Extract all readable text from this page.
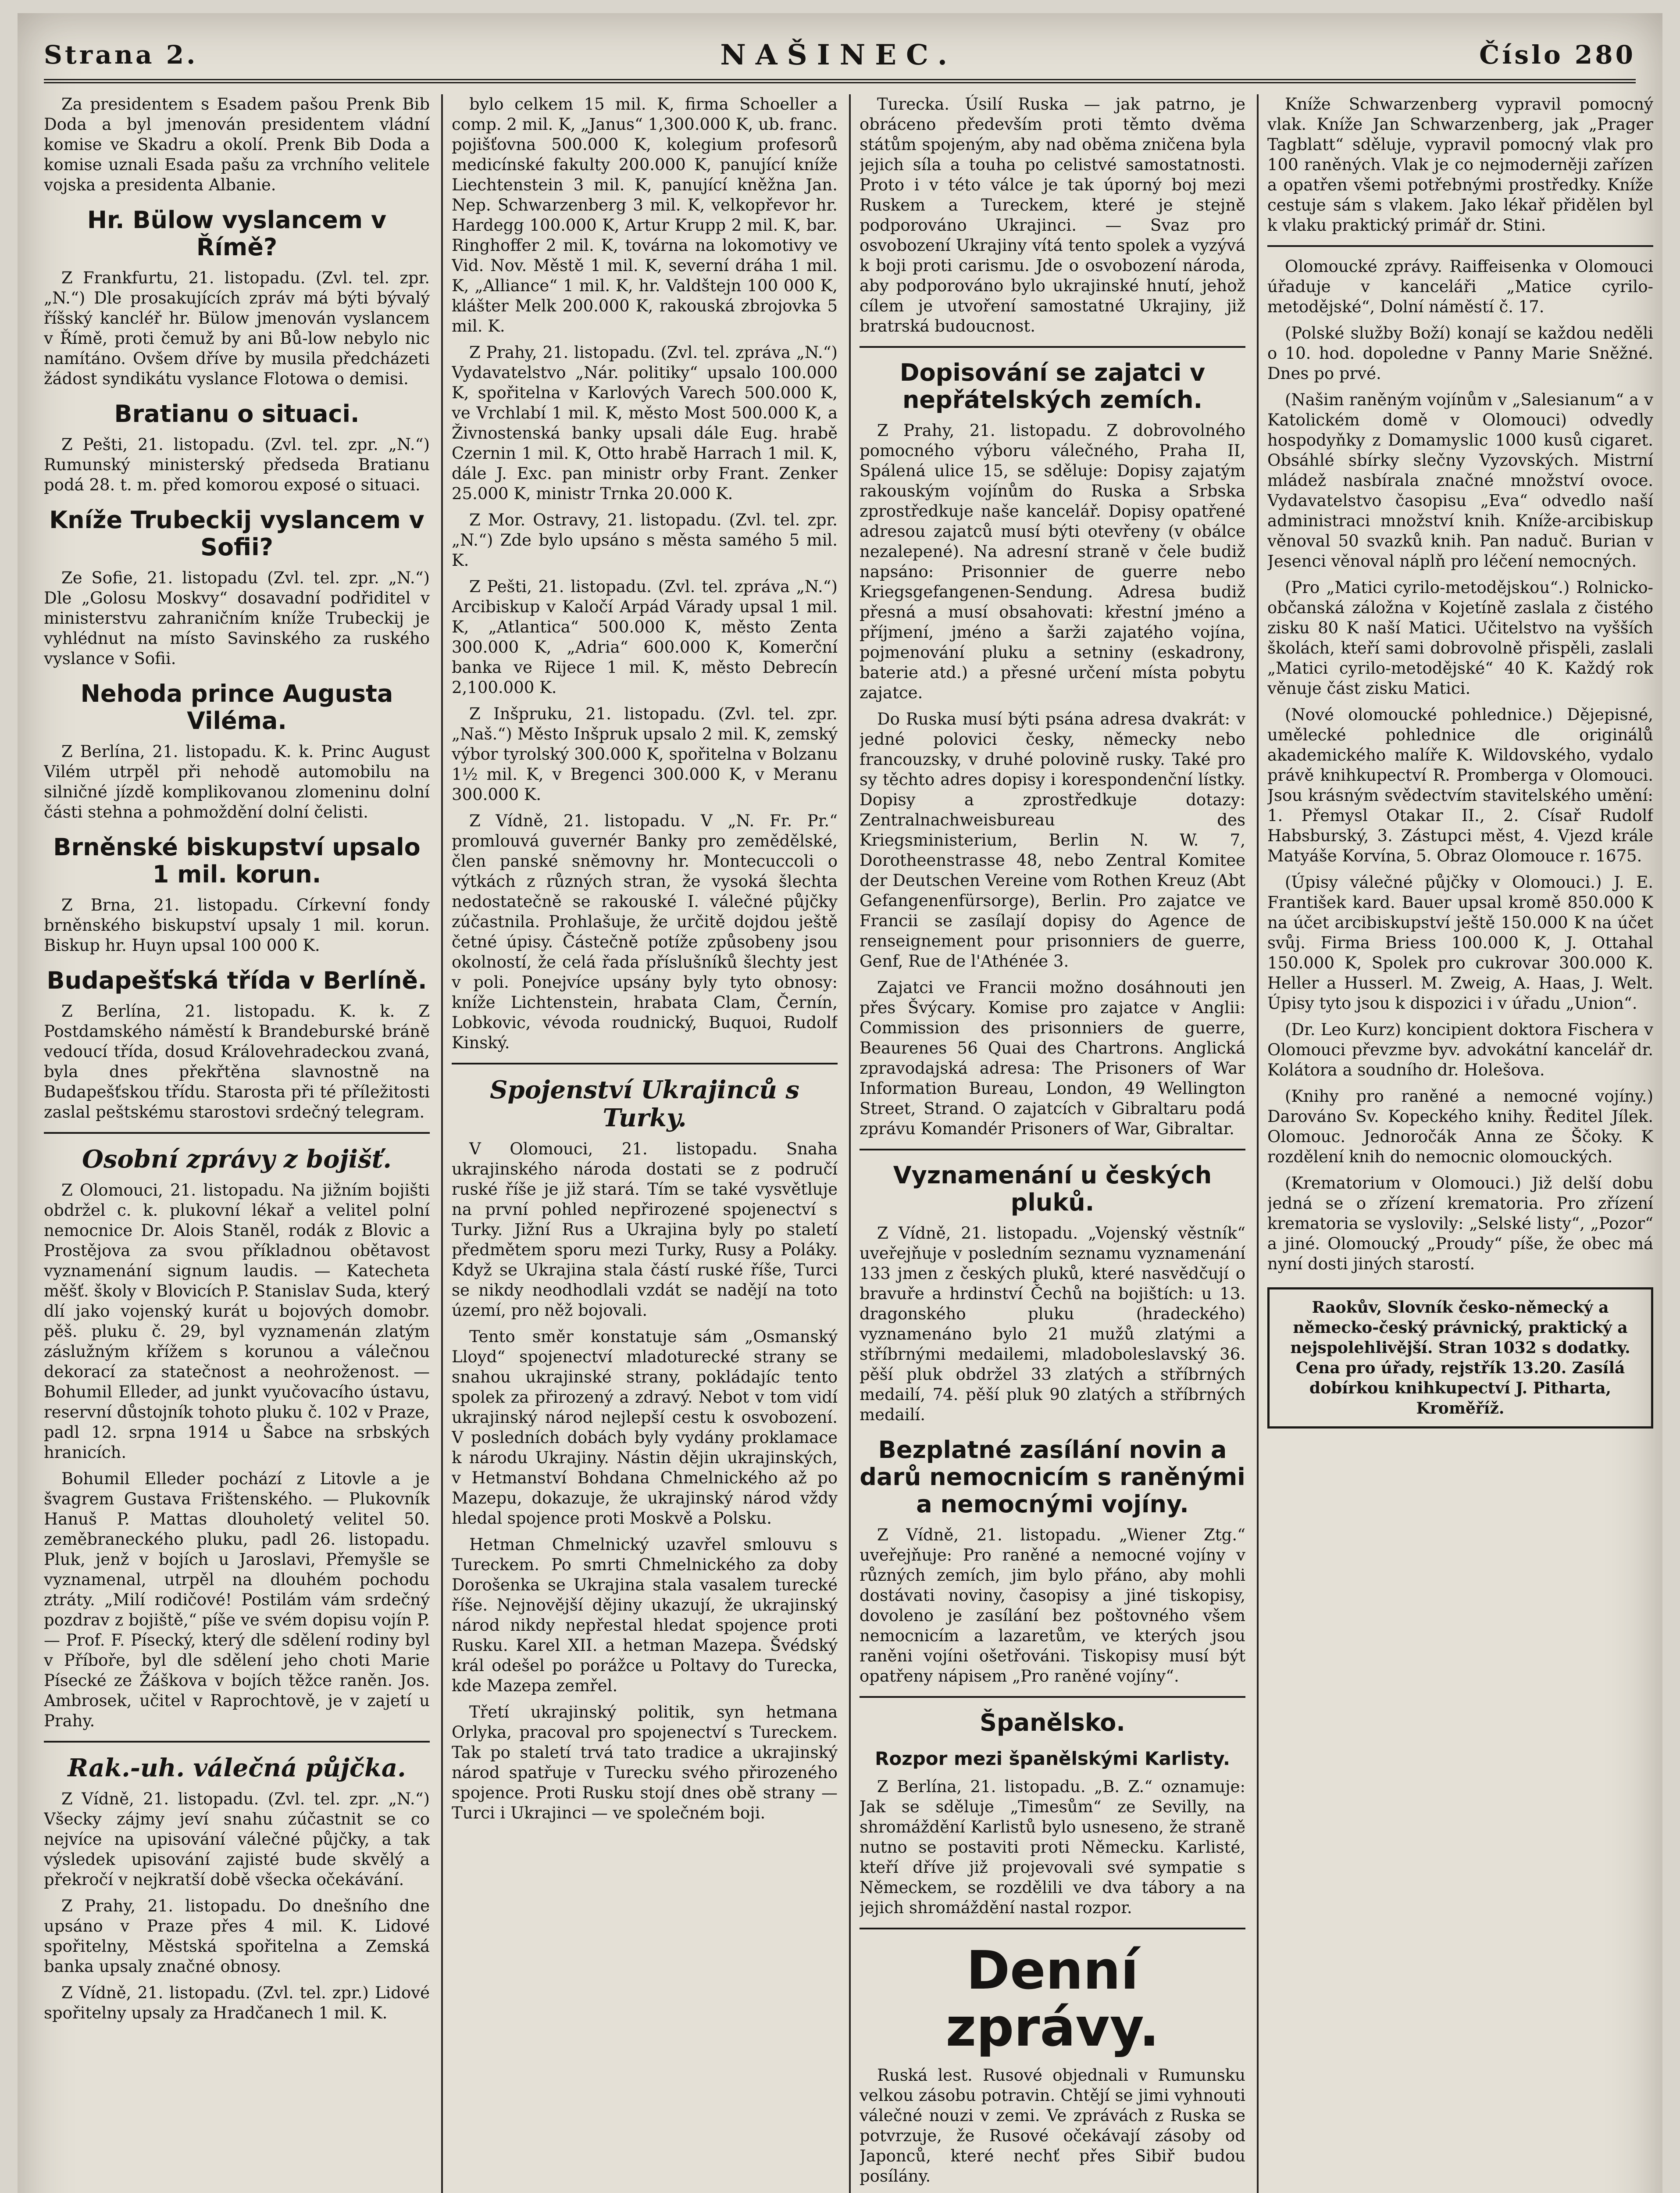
Strana 2.	NAŠINEC.	Číslo 280

Za presidentem s Esadem pašou Prenk Bib Doda a byl jmenován presidentem vládní komise ve Skadru a okolí. Prenk Bib Doda a komise uznali Esada pašu za vrchního velitele vojska a presidenta Albanie.

Hr. Bülow vyslancem v Římě?

Z Frankfurtu, 21. listopadu. (Zvl. tel. zpr. „N.“) Dle prosakujících zpráv má býti bývalý říšský kancléř hr. Bülow jmenován vyslancem v Římě, proti čemuž by ani Bů-low nebylo nic namítáno. Ovšem dříve by musila předcházeti žádost syndikátu vyslance Flotowa o demisi.

Bratianu o situaci.

Z Pešti, 21. listopadu. (Zvl. tel. zpr. „N.“) Rumunský ministerský předseda Bratianu podá 28. t. m. před komorou exposé o situaci.

Kníže Trubeckij vyslancem v Sofii?

Ze Sofie, 21. listopadu (Zvl. tel. zpr. „N.“) Dle „Golosu Moskvy“ dosavadní podřiditel v ministerstvu zahraničním kníže Trubeckij je vyhlédnut na místo Savinského za ruského vyslance v Sofii.

Nehoda prince Augusta Viléma.

Z Berlína, 21. listopadu. K. k. Princ August Vilém utrpěl při nehodě automobilu na silničné jízdě komplikovanou zlomeninu dolní části stehna a pohmoždění dolní čelisti.

Brněnské biskupství upsalo 1 mil. korun.

Z Brna, 21. listopadu. Církevní fondy brněnského biskupství upsaly 1 mil. korun. Biskup hr. Huyn upsal 100 000 K.

Budapešťská třída v Berlíně.

Z Berlína, 21. listopadu. K. k. Z Postdamského náměstí k Brandeburské bráně vedoucí třída, dosud Královehradeckou zvaná, byla dnes překřtěna slavnostně na Budapešťskou třídu. Starosta při té příležitosti zaslal peštskému starostovi srdečný telegram.

Osobní zprávy z bojišť.

Z Olomouci, 21. listopadu. Na jižním bojišti obdržel c. k. plukovní lékař a velitel polní nemocnice Dr. Alois Staněl, rodák z Blovic a Prostějova za svou příkladnou obětavost vyznamenání signum laudis. — Katecheta měšť. školy v Blovicích P. Stanislav Suda, který dlí jako vojenský kurát u bojových domobr. pěš. pluku č. 29, byl vyznamenán zlatým záslužným křížem s korunou a válečnou dekorací za statečnost a neohroženost. — Bohumil Elleder, ad junkt vyučovacího ústavu, reservní důstojník tohoto pluku č. 102 v Praze, padl 12. srpna 1914 u Šabce na srbských hranicích.

Bohumil Elleder pochází z Litovle a je švagrem Gustava Frištenského. — Plukovník Hanuš P. Mattas dlouholetý velitel 50. zeměbraneckého pluku, padl 26. listopadu. Pluk, jenž v bojích u Jaroslavi, Přemyšle se vyznamenal, utrpěl na dlouhém pochodu ztráty. „Milí rodičové! Postilám vám srdečný pozdrav z bojiště,“ píše ve svém dopisu vojín P. — Prof. F. Písecký, který dle sdělení rodiny byl v Příboře, byl dle sdělení jeho choti Marie Písecké ze Žáškova v bojích těžce raněn. Jos. Ambrosek, učitel v Raprochtově, je v zajetí u Prahy.

Rak.-uh. válečná půjčka.

Z Vídně, 21. listopadu. (Zvl. tel. zpr. „N.“) Všecky zájmy jeví snahu zúčastnit se co nejvíce na upisování válečné půjčky, a tak výsledek upisování zajisté bude skvělý a překročí v nejkratší době všecka očekávání.

Z Prahy, 21. listopadu. Do dnešního dne upsáno v Praze přes 4 mil. K. Lidové spořitelny, Městská spořitelna a Zemská banka upsaly značné obnosy.

Z Vídně, 21. listopadu. (Zvl. tel. zpr.) Lidové spořitelny upsaly za Hradčanech 1 mil. K.

bylo celkem 15 mil. K, firma Schoeller a comp. 2 mil. K, „Janus“ 1,300.000 K, ub. franc. pojišťovna 500.000 K, kolegium profesorů medicínské fakulty 200.000 K, panující kníže Liechtenstein 3 mil. K, panující kněžna Jan. Nep. Schwarzenberg 3 mil. K, velkopřevor hr. Hardegg 100.000 K, Artur Krupp 2 mil. K, bar. Ringhoffer 2 mil. K, továrna na lokomotivy ve Vid. Nov. Městě 1 mil. K, severní dráha 1 mil. K, „Alliance“ 1 mil. K, hr. Valdštejn 100 000 K, klášter Melk 200.000 K, rakouská zbrojovka 5 mil. K.

Z Prahy, 21. listopadu. (Zvl. tel. zpráva „N.“) Vydavatelstvo „Nár. politiky“ upsalo 100.000 K, spořitelna v Karlových Varech 500.000 K, ve Vrchlabí 1 mil. K, město Most 500.000 K, a Živnostenská banky upsali dále Eug. hrabě Czernin 1 mil. K, Otto hrabě Harrach 1 mil. K, dále J. Exc. pan ministr orby Frant. Zenker 25.000 K, ministr Trnka 20.000 K.

Z Mor. Ostravy, 21. listopadu. (Zvl. tel. zpr. „N.“) Zde bylo upsáno s města samého 5 mil. K.

Z Pešti, 21. listopadu. (Zvl. tel. zpráva „N.“) Arcibiskup v Kaločí Arpád Várady upsal 1 mil. K, „Atlantica“ 500.000 K, město Zenta 300.000 K, „Adria“ 600.000 K, Komerční banka ve Rijece 1 mil. K, město Debrecín 2,100.000 K.

Z Inšpruku, 21. listopadu. (Zvl. tel. zpr. „Naš.“) Město Inšpruk upsalo 2 mil. K, zemský výbor tyrolský 300.000 K, spořitelna v Bolzanu 1½ mil. K, v Bregenci 300.000 K, v Meranu 300.000 K.

Z Vídně, 21. listopadu. V „N. Fr. Pr.“ promlouvá guvernér Banky pro zemědělské, člen panské sněmovny hr. Montecuccoli o výtkách z různých stran, že vysoká šlechta nedostatečně se rakouské I. válečné půjčky zúčastnila. Prohlašuje, že určitě dojdou ještě četné úpisy. Částečně potíže způsobeny jsou okolností, že celá řada příslušníků šlechty jest v poli. Ponejvíce upsány byly tyto obnosy: kníže Lichtenstein, hrabata Clam, Černín, Lobkovic, vévoda roudnický, Buquoi, Rudolf Kinský.

Spojenství Ukrajinců s Turky.

V Olomouci, 21. listopadu. Snaha ukrajinského národa dostati se z područí ruské říše je již stará. Tím se také vysvětluje na první pohled nepřirozené spojenectví s Turky. Jižní Rus a Ukrajina byly po staletí předmětem sporu mezi Turky, Rusy a Poláky. Když se Ukrajina stala částí ruské říše, Turci se nikdy neodhodlali vzdát se nadějí na toto území, pro něž bojovali.

Tento směr konstatuje sám „Osmanský Lloyd“ spojenectví mladoturecké strany se snahou ukrajinské strany, pokládajíc tento spolek za přirozený a zdravý. Nebot v tom vidí ukrajinský národ nejlepší cestu k osvobození. V posledních dobách byly vydány proklamace k národu Ukrajiny. Nástin dějin ukrajinských, v Hetmanství Bohdana Chmelnického až po Mazepu, dokazuje, že ukrajinský národ vždy hledal spojence proti Moskvě a Polsku.

Hetman Chmelnický uzavřel smlouvu s Tureckem. Po smrti Chmelnického za doby Dorošenka se Ukrajina stala vasalem turecké říše. Nejnovější dějiny ukazují, že ukrajinský národ nikdy nepřestal hledat spojence proti Rusku. Karel XII. a hetman Mazepa. Švédský král odešel po porážce u Poltavy do Turecka, kde Mazepa zemřel.

Třetí ukrajinský politik, syn hetmana Orlyka, pracoval pro spojenectví s Tureckem. Tak po staletí trvá tato tradice a ukrajinský národ spatřuje v Turecku svého přirozeného spojence. Proti Rusku stojí dnes obě strany — Turci i Ukrajinci — ve společném boji.

Turecka. Úsilí Ruska — jak patrno, je obráceno především proti těmto dvěma státům spojeným, aby nad oběma zničena byla jejich síla a touha po celistvé samostatnosti. Proto i v této válce je tak úporný boj mezi Ruskem a Tureckem, které je stejně podporováno Ukrajinci. — Svaz pro osvobození Ukrajiny vítá tento spolek a vyzývá k boji proti carismu. Jde o osvobození národa, aby podporováno bylo ukrajinské hnutí, jehož cílem je utvoření samostatné Ukrajiny, již bratrská budoucnost.

Dopisování se zajatci v nepřátelských zemích.

Z Prahy, 21. listopadu. Z dobrovolného pomocného výboru válečného, Praha II, Spálená ulice 15, se sděluje: Dopisy zajatým rakouským vojínům do Ruska a Srbska zprostředkuje naše kancelář. Dopisy opatřené adresou zajatců musí býti otevřeny (v obálce nezalepené). Na adresní straně v čele budiž napsáno: Prisonnier de guerre nebo Kriegsgefangenen-Sendung. Adresa budiž přesná a musí obsahovati: křestní jméno a příjmení, jméno a šarži zajatého vojína, pojmenování pluku a setniny (eskadrony, baterie atd.) a přesné určení místa pobytu zajatce.

Do Ruska musí býti psána adresa dvakrát: v jedné polovici česky, německy nebo francouzsky, v druhé polovině rusky. Také pro sy těchto adres dopisy i korespondenční lístky. Dopisy a zprostředkuje dotazy: Zentralnachweisbureau des Kriegsministerium, Berlin N. W. 7, Dorotheenstrasse 48, nebo Zentral Komitee der Deutschen Vereine vom Rothen Kreuz (Abt Gefangenenfürsorge), Berlin. Pro zajatce ve Francii se zasílají dopisy do Agence de renseignement pour prisonniers de guerre, Genf, Rue de l'Athénée 3.

Zajatci ve Francii možno dosáhnouti jen přes Švýcary. Komise pro zajatce v Anglii: Commission des prisonniers de guerre, Beaurenes 56 Quai des Chartrons. Anglická zpravodajská adresa: The Prisoners of War Information Bureau, London, 49 Wellington Street, Strand. O zajatcích v Gibraltaru podá zprávu Komandér Prisoners of War, Gibraltar.

Vyznamenání u českých pluků.

Z Vídně, 21. listopadu. „Vojenský věstník“ uveřejňuje v posledním seznamu vyznamenání 133 jmen z českých pluků, které nasvědčují o bravuře a hrdinství Čechů na bojištích: u 13. dragonského pluku (hradeckého) vyznamenáno bylo 21 mužů zlatými a stříbrnými medailemi, mladoboleslavský 36. pěší pluk obdržel 33 zlatých a stříbrných medailí, 74. pěší pluk 90 zlatých a stříbrných medailí.

Bezplatné zasílání novin a darů nemocnicím s raněnými a nemocnými vojíny.

Z Vídně, 21. listopadu. „Wiener Ztg.“ uveřejňuje: Pro raněné a nemocné vojíny v různých zemích, jim bylo přáno, aby mohli dostávati noviny, časopisy a jiné tiskopisy, dovoleno je zasílání bez poštovného všem nemocnicím a lazaretům, ve kterých jsou raněni vojíni ošetřováni. Tiskopisy musí být opatřeny nápisem „Pro raněné vojíny“.

Španělsko.
Rozpor mezi španělskými Karlisty.

Z Berlína, 21. listopadu. „B. Z.“ oznamuje: Jak se sděluje „Timesům“ ze Sevilly, na shromáždění Karlistů bylo usneseno, že straně nutno se postaviti proti Německu. Karlisté, kteří dříve již projevovali své sympatie s Německem, se rozdělili ve dva tábory a na jejich shromáždění nastal rozpor.

Denní zprávy.

Ruská lest. Rusové objednali v Rumunsku velkou zásobu potravin. Chtějí se jimi vyhnouti válečné nouzi v zemi. Ve zprávách z Ruska se potvrzuje, že Rusové očekávají zásoby od Japonců, které nechť přes Sibiř budou posílány.

Kníže Schwarzenberg vypravil pomocný vlak. Kníže Jan Schwarzenberg, jak „Prager Tagblatt“ sděluje, vypravil pomocný vlak pro 100 raněných. Vlak je co nejmoderněji zařízen a opatřen všemi potřebnými prostředky. Kníže cestuje sám s vlakem. Jako lékař přidělen byl k vlaku praktický primář dr. Stini.

Olomoucké zprávy. Raiffeisenka v Olomouci úřaduje v kanceláři „Matice cyrilo-metodějské“, Dolní náměstí č. 17.

(Polské služby Boží) konají se každou neděli o 10. hod. dopoledne v Panny Marie Sněžné. Dnes po prvé.

(Našim raněným vojínům v „Salesianum“ a v Katolickém domě v Olomouci) odvedly hospodyňky z Domamyslic 1000 kusů cigaret. Obsáhlé sbírky slečny Vyzovských. Mistrní mládež nasbírala značné množství ovoce. Vydavatelstvo časopisu „Eva“ odvedlo naší administraci množství knih. Kníže-arcibiskup věnoval 50 svazků knih. Pan naduč. Burian v Jesenci věnoval náplň pro léčení nemocných.

(Pro „Matici cyrilo-metodějskou“.) Rolnicko-občanská záložna v Kojetíně zaslala z čistého zisku 80 K naší Matici. Učitelstvo na vyšších školách, kteří sami dobrovolně přispěli, zaslali „Matici cyrilo-metodějské“ 40 K. Každý rok věnuje část zisku Matici.

(Nové olomoucké pohlednice.) Dějepisné, umělecké pohlednice dle originálů akademického malíře K. Wildovského, vydalo právě knihkupectví R. Promberga v Olomouci. Jsou krásným svědectvím stavitelského umění: 1. Přemysl Otakar II., 2. Císař Rudolf Habsburský, 3. Zástupci měst, 4. Vjezd krále Matyáše Korvína, 5. Obraz Olomouce r. 1675.

(Úpisy válečné půjčky v Olomouci.) J. E. František kard. Bauer upsal kromě 850.000 K na účet arcibiskupství ještě 150.000 K na účet svůj. Firma Briess 100.000 K, J. Ottahal 150.000 K, Spolek pro cukrovar 300.000 K. Heller a Husserl. M. Zweig, A. Haas, J. Welt. Úpisy tyto jsou k dispozici i v úřadu „Union“.

(Dr. Leo Kurz) koncipient doktora Fischera v Olomouci převzme byv. advokátní kancelář dr. Kolátora a soudního dr. Holešova.

(Knihy pro raněné a nemocné vojíny.) Darováno Sv. Kopeckého knihy. Ředitel Jílek. Olomouc. Jednoročák Anna ze Ščoky. K rozdělení knih do nemocnic olomouckých.

(Krematorium v Olomouci.) Již delší dobu jedná se o zřízení krematoria. Pro zřízení krematoria se vyslovily: „Selské listy“, „Pozor“ a jiné. Olomoucký „Proudy“ píše, že obec má nyní dosti jiných starostí.

Raokův, Slovník česko-německý a německo-český právnický, praktický a nejspolehlivější. Stran 1032 s dodatky. Cena pro úřady, rejstřík 13.20. Zasílá dobírkou knihkupectví J. Pitharta, Kroměříž.
